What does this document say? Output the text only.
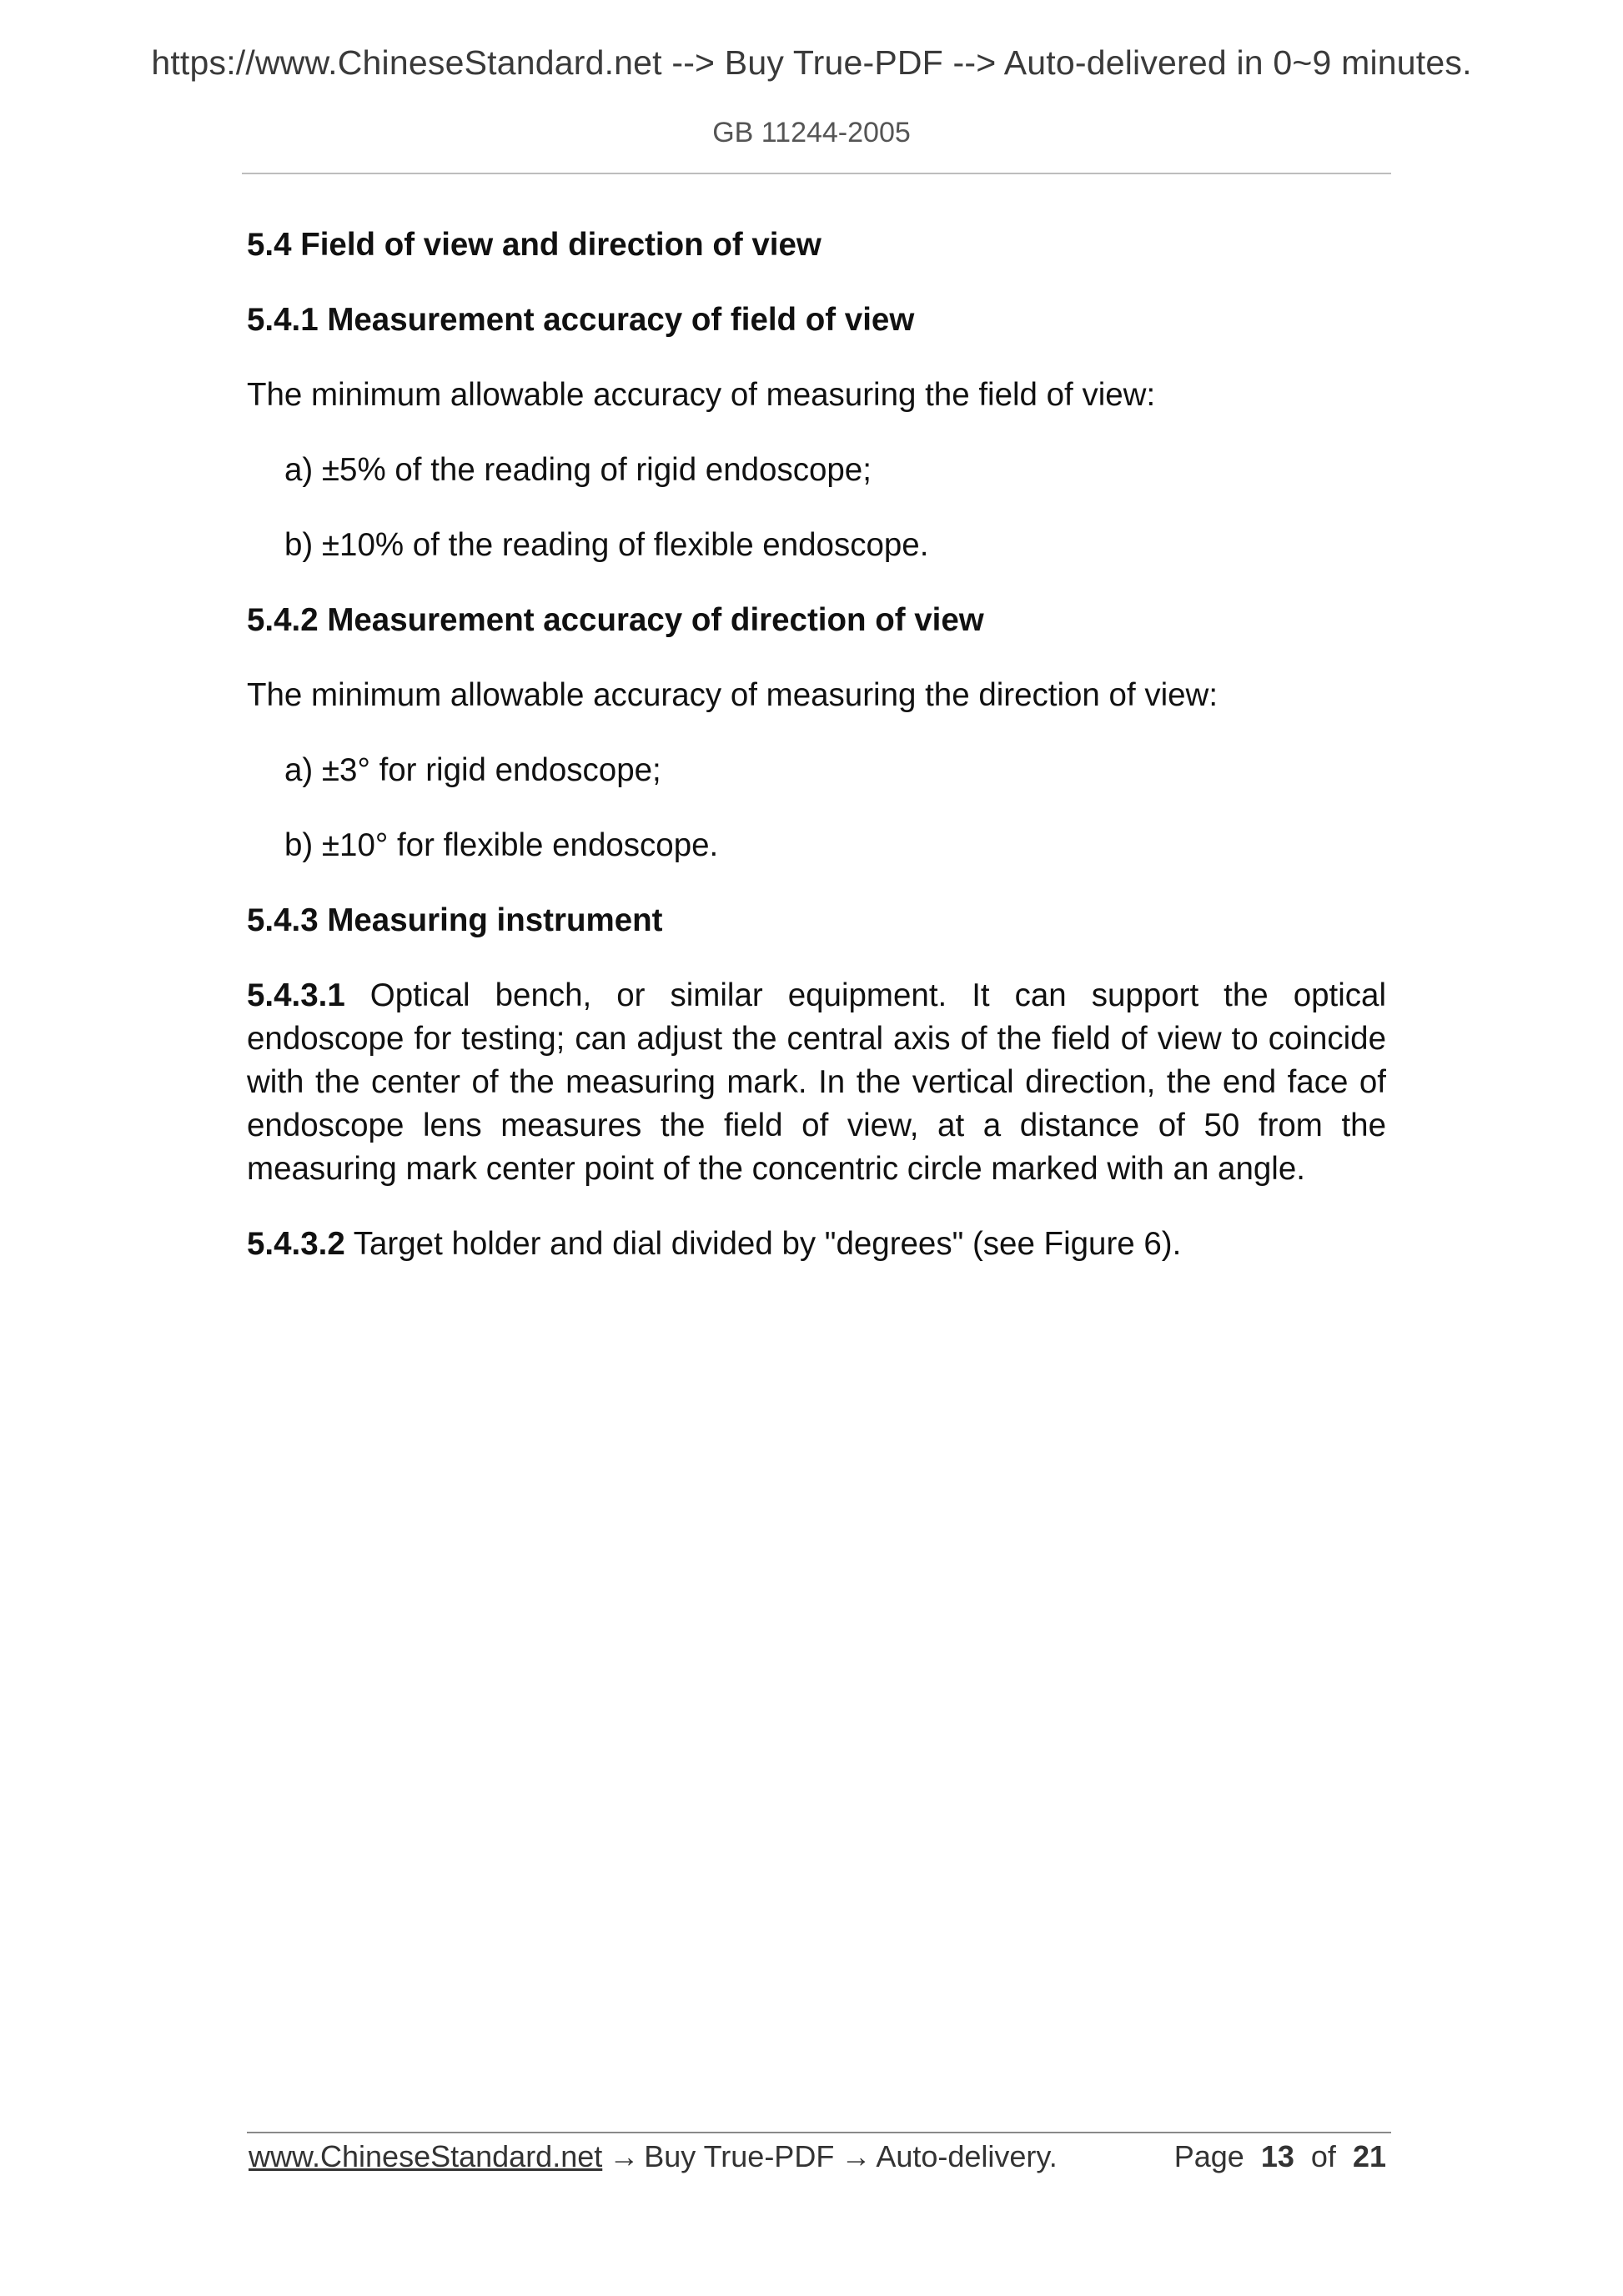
https://www.ChineseStandard.net --> Buy True-PDF --> Auto-delivered in 0~9 minutes.
GB 11244-2005

5.4 Field of view and direction of view

5.4.1 Measurement accuracy of field of view

The minimum allowable accuracy of measuring the field of view:

a) ±5% of the reading of rigid endoscope;

b) ±10% of the reading of flexible endoscope.

5.4.2 Measurement accuracy of direction of view

The minimum allowable accuracy of measuring the direction of view:

a) ±3° for rigid endoscope;

b) ±10° for flexible endoscope.

5.4.3 Measuring instrument

5.4.3.1 Optical bench, or similar equipment. It can support the optical endoscope for testing; can adjust the central axis of the field of view to coincide with the center of the measuring mark. In the vertical direction, the end face of endoscope lens measures the field of view, at a distance of 50 from the measuring mark center point of the concentric circle marked with an angle.

5.4.3.2 Target holder and dial divided by "degrees" (see Figure 6).

www.ChineseStandard.net → Buy True-PDF → Auto-delivery.	Page 13 of 21
